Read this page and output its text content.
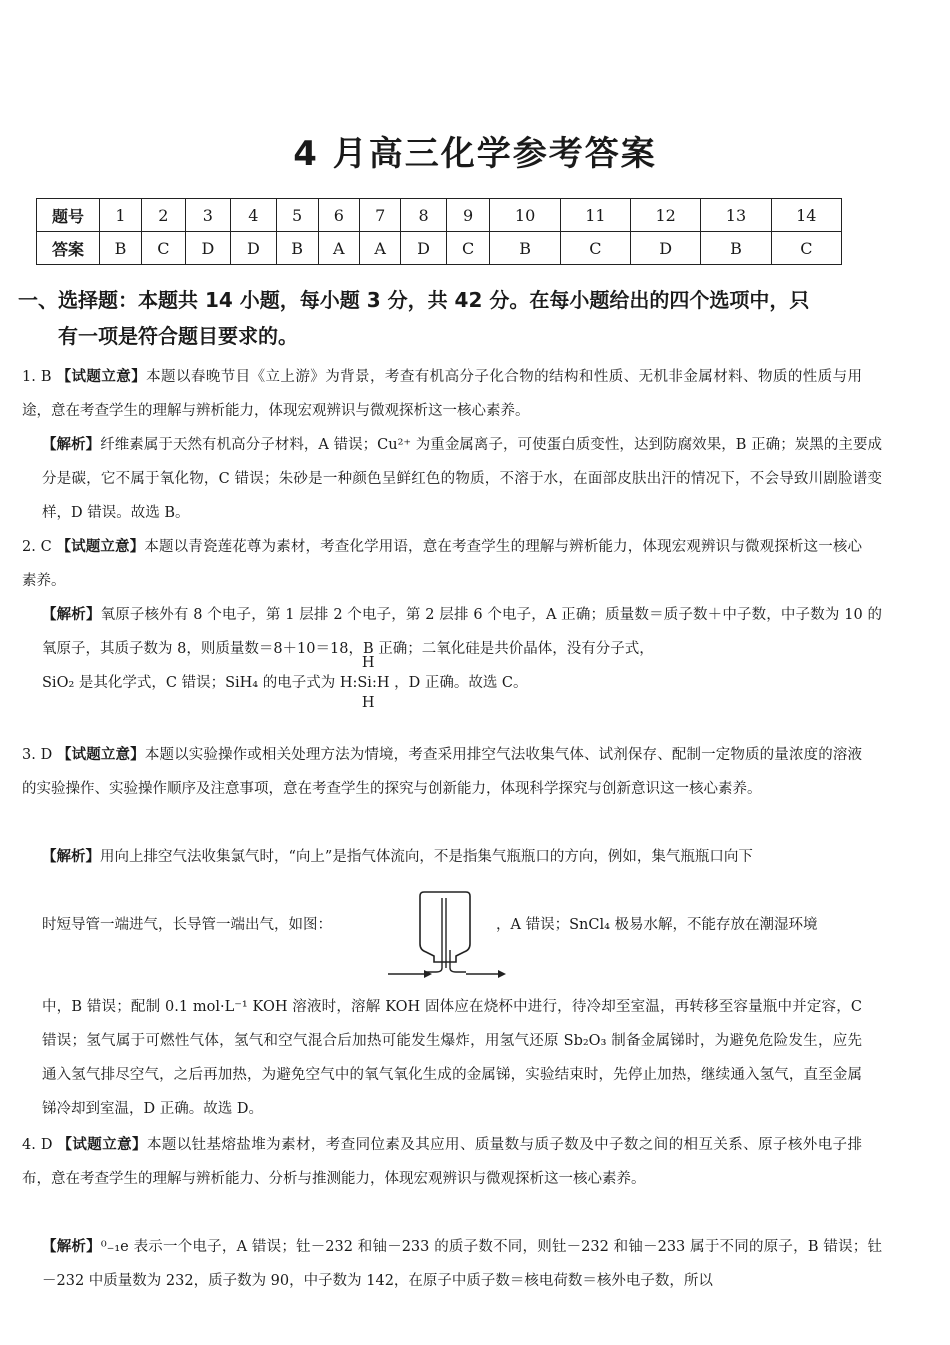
4 月高三化学参考答案
题号	1	2	3	4	5	6	7	8	9	10	11	12	13	14
答案	B	C	D	D	B	A	A	D	C	B	C	D	B	C
一、选择题：本题共 14 小题，每小题 3 分，共 42 分。在每小题给出的四个选项中，只
有一项是符合题目要求的。
1. B 【试题立意】本题以春晚节目《立上游》为背景，考查有机高分子化合物的结构和性质、无机非金属材料、物质的性质与用途，意在考查学生的理解与辨析能力，体现宏观辨识与微观探析这一核心素养。
【解析】纤维素属于天然有机高分子材料，A 错误；Cu²⁺ 为重金属离子，可使蛋白质变性，达到防腐效果，B 正确；炭黑的主要成分是碳，它不属于氧化物，C 错误；朱砂是一种颜色呈鲜红色的物质，不溶于水，在面部皮肤出汗的情况下，不会导致川剧脸谱变样，D 错误。故选 B。
2. C 【试题立意】本题以青瓷莲花尊为素材，考查化学用语，意在考查学生的理解与辨析能力，体现宏观辨识与微观探析这一核心素养。
【解析】氧原子核外有 8 个电子，第 1 层排 2 个电子，第 2 层排 6 个电子，A 正确；质量数＝质子数＋中子数，中子数为 10 的氧原子，其质子数为 8，则质量数＝8＋10＝18，B 正确；二氧化硅是共价晶体，没有分子式，
SiO₂ 是其化学式，C 错误；SiH₄ 的电子式为
H
H:Si:H
H
，D 正确。故选 C。
3. D 【试题立意】本题以实验操作或相关处理方法为情境，考查采用排空气法收集气体、试剂保存、配制一定物质的量浓度的溶液的实验操作、实验操作顺序及注意事项，意在考查学生的探究与创新能力，体现科学探究与创新意识这一核心素养。
【解析】用向上排空气法收集氯气时，“向上”是指气体流向，不是指集气瓶瓶口的方向，例如，集气瓶瓶口向下
时短导管一端进气，长导管一端出气，如图：	，A 错误；SnCl₄ 极易水解，不能存放在潮湿环境
中，B 错误；配制 0.1 mol·L⁻¹ KOH 溶液时，溶解 KOH 固体应在烧杯中进行，待冷却至室温，再转移至容量瓶中并定容，C 错误；氢气属于可燃性气体，氢气和空气混合后加热可能发生爆炸，用氢气还原 Sb₂O₃ 制备金属锑时，为避免危险发生，应先通入氢气排尽空气，之后再加热，为避免空气中的氧气氧化生成的金属锑，实验结束时，先停止加热，继续通入氢气，直至金属锑冷却到室温，D 正确。故选 D。
4. D 【试题立意】本题以钍基熔盐堆为素材，考查同位素及其应用、质量数与质子数及中子数之间的相互关系、原子核外电子排布，意在考查学生的理解与辨析能力、分析与推测能力，体现宏观辨识与微观探析这一核心素养。
【解析】⁰₋₁e 表示一个电子，A 错误；钍－232 和铀－233 的质子数不同，则钍－232 和铀－233 属于不同的原子，B 错误；钍－232 中质量数为 232，质子数为 90，中子数为 142，在原子中质子数＝核电荷数＝核外电子数，所以
